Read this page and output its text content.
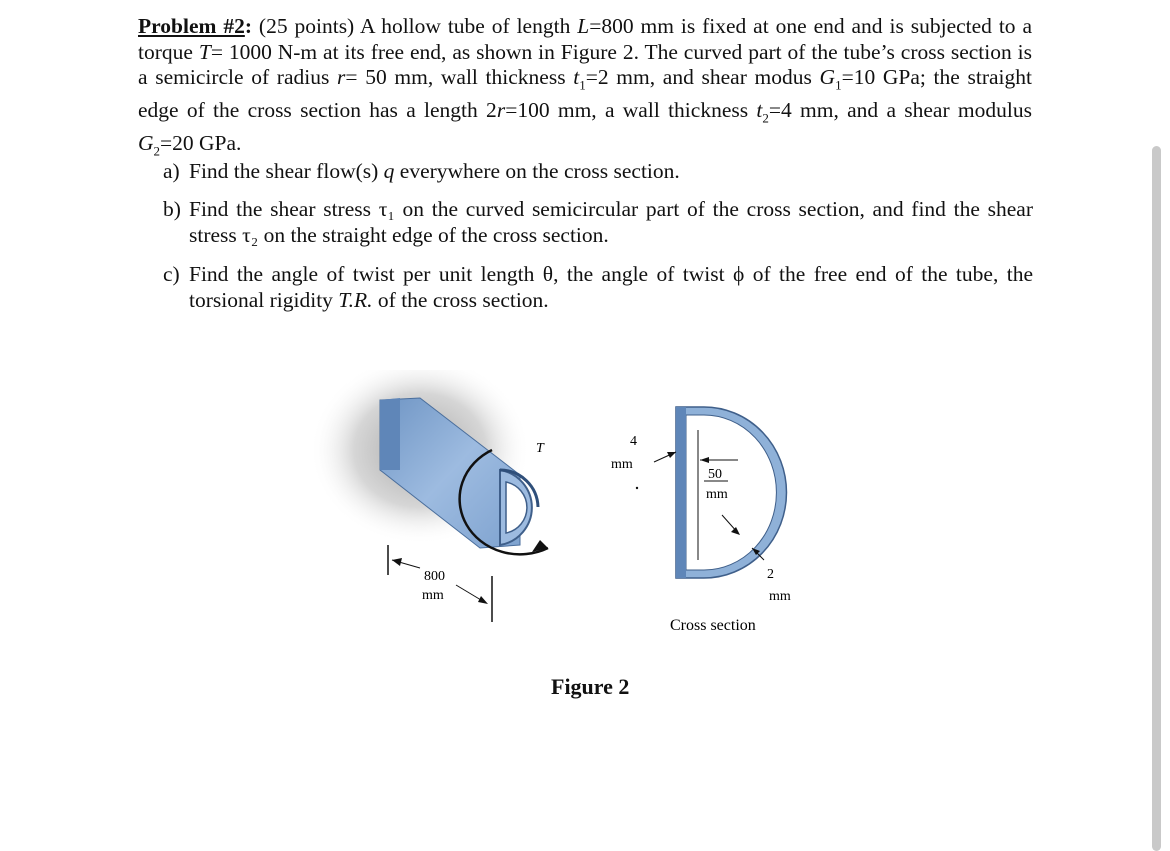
Problem #2: (25 points) A hollow tube of length L=800 mm is fixed at one end and is subjected to a torque T= 1000 N-m at its free end, as shown in Figure 2. The curved part of the tube’s cross section is a semicircle of radius r= 50 mm, wall thickness $t_1=2$ mm, and shear modus $G_1=10$ GPa; the straight edge of the cross section has a length 2r=100 mm, a wall thickness $t_2=4$ mm, and a shear modulus $G_2=20$ GPa.
a) Find the shear flow(s) q everywhere on the cross section.
b) Find the shear stress τ₁ on the curved semicircular part of the cross section, and find the shear stress τ₂ on the straight edge of the cross section.
c) Find the angle of twist per unit length θ, the angle of twist ϕ of the free end of the tube, the torsional rigidity T.R. of the cross section.
T
800
mm
4
mm
50
mm
2
mm
Cross section
Figure 2
